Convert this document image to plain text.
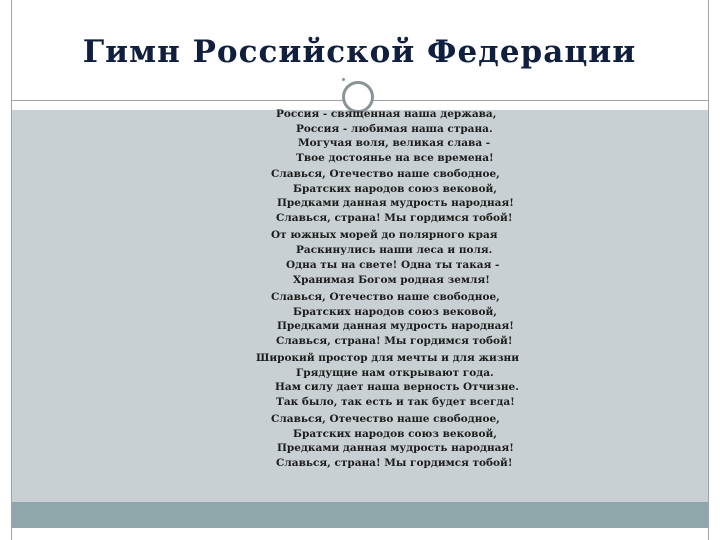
Гимн Российской Федерации
Россия - священная наша держава,
Россия - любимая наша страна.
Могучая воля, великая слава -
Твое достоянье на все времена!
Славься, Отечество наше свободное,
Братских народов союз вековой,
Предками данная мудрость народная!
Славься, страна! Мы гордимся тобой!
От южных морей до полярного края
Раскинулись наши леса и поля.
Одна ты на свете! Одна ты такая -
Хранимая Богом родная земля!
Славься, Отечество наше свободное,
Братских народов союз вековой,
Предками данная мудрость народная!
Славься, страна! Мы гордимся тобой!
Широкий простор для мечты и для жизни
Грядущие нам открывают года.
Нам силу дает наша верность Отчизне.
Так было, так есть и так будет всегда!
Славься, Отечество наше свободное,
Братских народов союз вековой,
Предками данная мудрость народная!
Славься, страна! Мы гордимся тобой!
